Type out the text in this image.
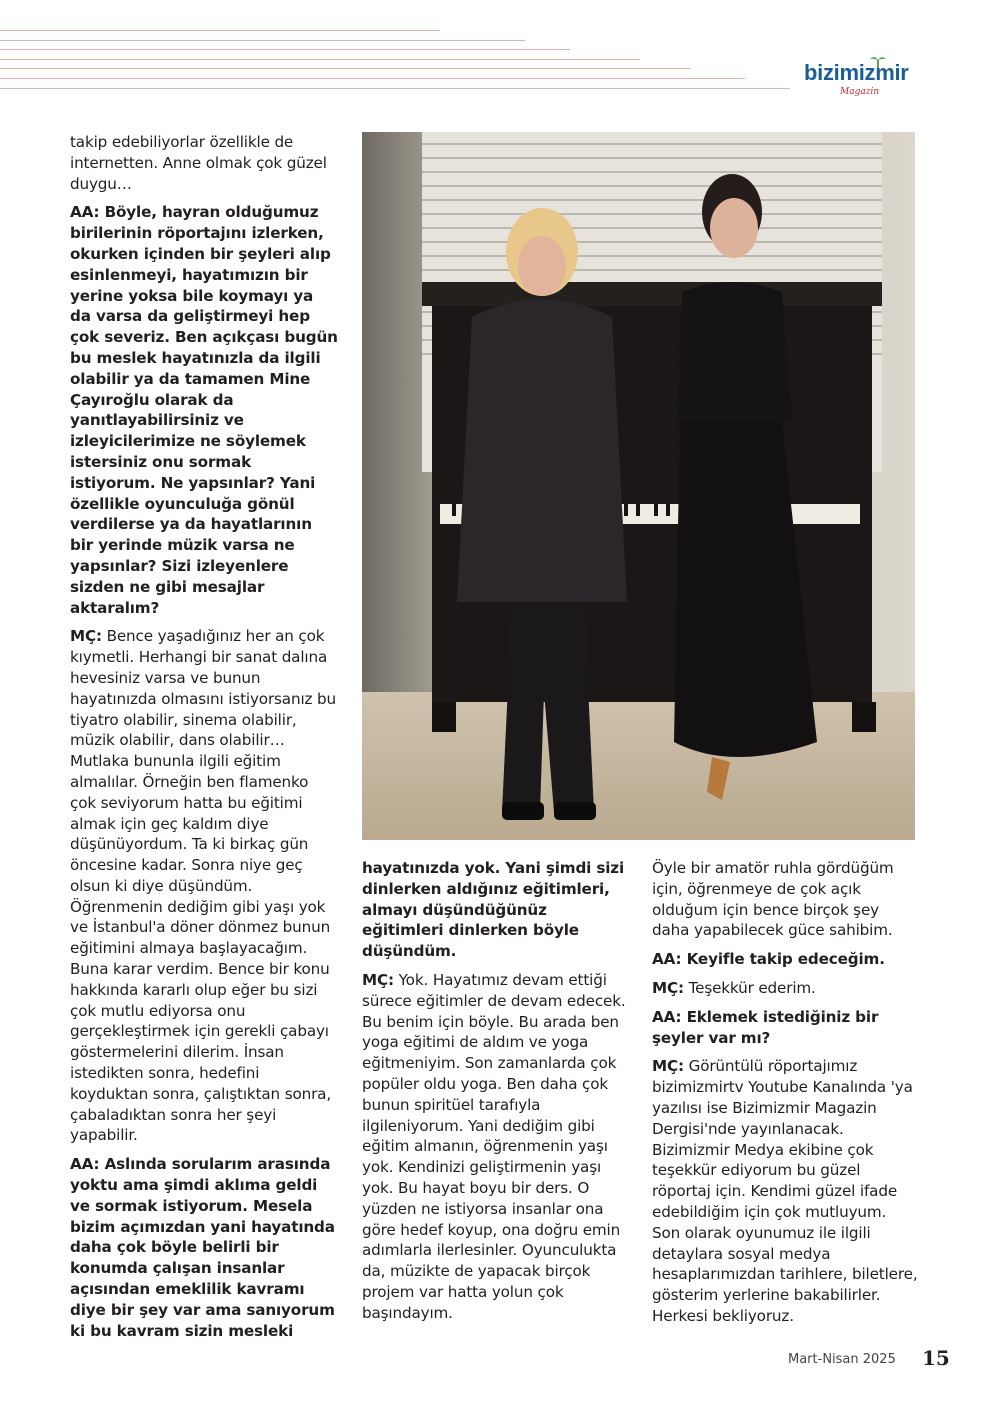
bizimizmir
Magazin

takip edebiliyorlar özellikle de internetten. Anne olmak çok güzel duygu…

AA: Böyle, hayran olduğumuz birilerinin röportajını izlerken, okurken içinden bir şeyleri alıp esinlenmeyi, hayatımızın bir yerine yoksa bile koymayı ya da varsa da geliştirmeyi hep çok severiz. Ben açıkçası bugün bu meslek hayatınızla da ilgili olabilir ya da tamamen Mine Çayıroğlu olarak da yanıtlayabilirsiniz ve izleyicilerimize ne söylemek istersiniz onu sormak istiyorum. Ne yapsınlar? Yani özellikle oyunculuğa gönül verdilerse ya da hayatlarının bir yerinde müzik varsa ne yapsınlar? Sizi izleyenlere sizden ne gibi mesajlar aktaralım?

MÇ: Bence yaşadığınız her an çok kıymetli. Herhangi bir sanat dalına hevesiniz varsa ve bunun hayatınızda olmasını istiyorsanız bu tiyatro olabilir, sinema olabilir, müzik olabilir, dans olabilir… Mutlaka bununla ilgili eğitim almalılar. Örneğin ben flamenko çok seviyorum hatta bu eğitimi almak için geç kaldım diye düşünüyordum. Ta ki birkaç gün öncesine kadar. Sonra niye geç olsun ki diye düşündüm. Öğrenmenin dediğim gibi yaşı yok ve İstanbul'a döner dönmez bunun eğitimini almaya başlayacağım. Buna karar verdim. Bence bir konu hakkında kararlı olup eğer bu sizi çok mutlu ediyorsa onu gerçekleştirmek için gerekli çabayı göstermelerini dilerim. İnsan istedikten sonra, hedefini koyduktan sonra, çalıştıktan sonra, çabaladıktan sonra her şeyi yapabilir.

AA: Aslında sorularım arasında yoktu ama şimdi aklıma geldi ve sormak istiyorum. Mesela bizim açımızdan yani hayatında daha çok böyle belirli bir konumda çalışan insanlar açısından emeklilik kavramı diye bir şey var ama sanıyorum ki bu kavram sizin mesleki

hayatınızda yok. Yani şimdi sizi dinlerken aldığınız eğitimleri, almayı düşündüğünüz eğitimleri dinlerken böyle düşündüm.

MÇ: Yok. Hayatımız devam ettiği sürece eğitimler de devam edecek. Bu benim için böyle. Bu arada ben yoga eğitimi de aldım ve yoga eğitmeniyim. Son zamanlarda çok popüler oldu yoga. Ben daha çok bunun spiritüel tarafıyla ilgileniyorum. Yani dediğim gibi eğitim almanın, öğrenmenin yaşı yok. Kendinizi geliştirmenin yaşı yok. Bu hayat boyu bir ders. O yüzden ne istiyorsa insanlar ona göre hedef koyup, ona doğru emin adımlarla ilerlesinler. Oyunculukta da, müzikte de yapacak birçok projem var hatta yolun çok başındayım.

Öyle bir amatör ruhla gördüğüm için, öğrenmeye de çok açık olduğum için bence birçok şey daha yapabilecek güce sahibim.

AA: Keyifle takip edeceğim.

MÇ: Teşekkür ederim.

AA: Eklemek istediğiniz bir şeyler var mı?

MÇ: Görüntülü röportajımız bizimizmirtv Youtube Kanalında 'ya yazılısı ise Bizimizmir Magazin Dergisi'nde yayınlanacak. Bizimizmir Medya ekibine çok teşekkür ediyorum bu güzel röportaj için. Kendimi güzel ifade edebildiğim için çok mutluyum. Son olarak oyunumuz ile ilgili detaylara sosyal medya hesaplarımızdan tarihlere, biletlere, gösterim yerlerine bakabilirler. Herkesi bekliyoruz.

Mart-Nisan 2025 15
